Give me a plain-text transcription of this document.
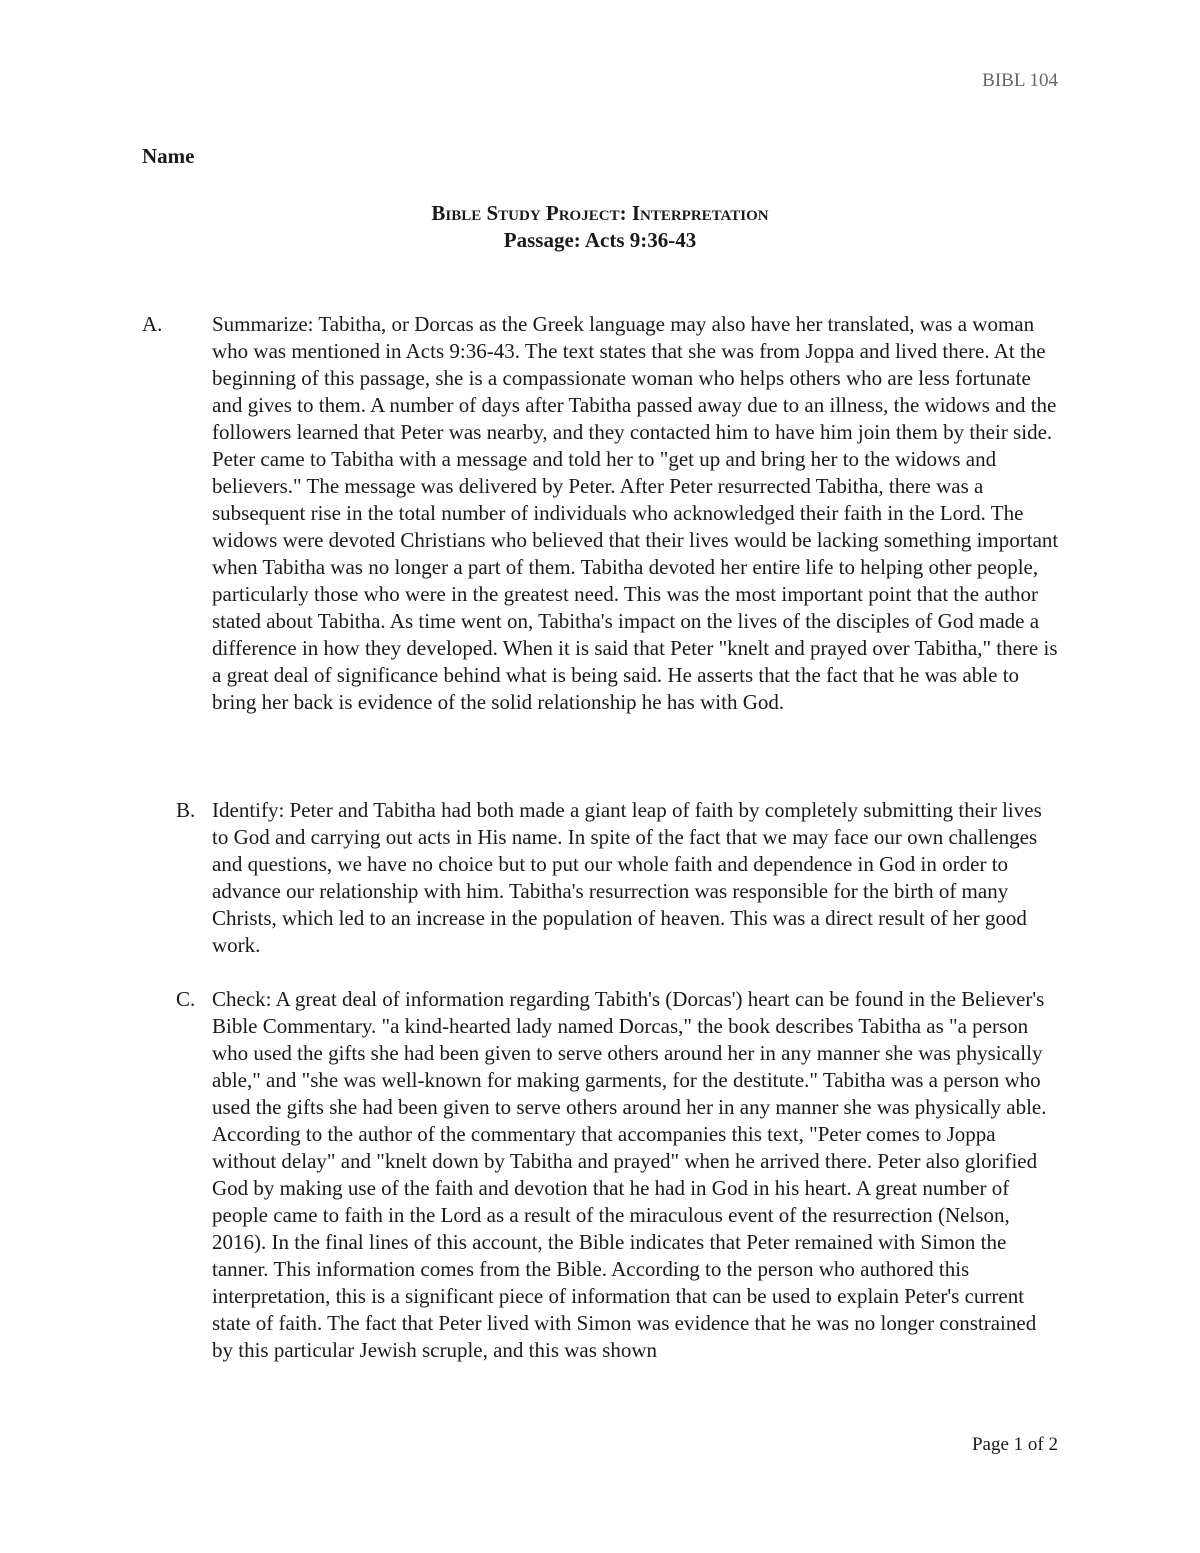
BIBL 104
Name
Bible Study Project: Interpretation
Passage: Acts 9:36-43
A.	Summarize: Tabitha, or Dorcas as the Greek language may also have her translated, was a woman who was mentioned in Acts 9:36-43. The text states that she was from Joppa and lived there. At the beginning of this passage, she is a compassionate woman who helps others who are less fortunate and gives to them. A number of days after Tabitha passed away due to an illness, the widows and the followers learned that Peter was nearby, and they contacted him to have him join them by their side. Peter came to Tabitha with a message and told her to "get up and bring her to the widows and believers." The message was delivered by Peter. After Peter resurrected Tabitha, there was a subsequent rise in the total number of individuals who acknowledged their faith in the Lord. The widows were devoted Christians who believed that their lives would be lacking something important when Tabitha was no longer a part of them. Tabitha devoted her entire life to helping other people, particularly those who were in the greatest need. This was the most important point that the author stated about Tabitha. As time went on, Tabitha's impact on the lives of the disciples of God made a difference in how they developed. When it is said that Peter "knelt and prayed over Tabitha," there is a great deal of significance behind what is being said. He asserts that the fact that he was able to bring her back is evidence of the solid relationship he has with God.
B. Identify: Peter and Tabitha had both made a giant leap of faith by completely submitting their lives to God and carrying out acts in His name. In spite of the fact that we may face our own challenges and questions, we have no choice but to put our whole faith and dependence in God in order to advance our relationship with him. Tabitha's resurrection was responsible for the birth of many Christs, which led to an increase in the population of heaven. This was a direct result of her good work.
C. Check: A great deal of information regarding Tabith's (Dorcas') heart can be found in the Believer's Bible Commentary. "a kind-hearted lady named Dorcas," the book describes Tabitha as "a person who used the gifts she had been given to serve others around her in any manner she was physically able," and "she was well-known for making garments, for the destitute." Tabitha was a person who used the gifts she had been given to serve others around her in any manner she was physically able. According to the author of the commentary that accompanies this text, "Peter comes to Joppa without delay" and "knelt down by Tabitha and prayed" when he arrived there. Peter also glorified God by making use of the faith and devotion that he had in God in his heart. A great number of people came to faith in the Lord as a result of the miraculous event of the resurrection (Nelson, 2016). In the final lines of this account, the Bible indicates that Peter remained with Simon the tanner. This information comes from the Bible. According to the person who authored this interpretation, this is a significant piece of information that can be used to explain Peter's current state of faith. The fact that Peter lived with Simon was evidence that he was no longer constrained by this particular Jewish scruple, and this was shown
Page 1 of 2
